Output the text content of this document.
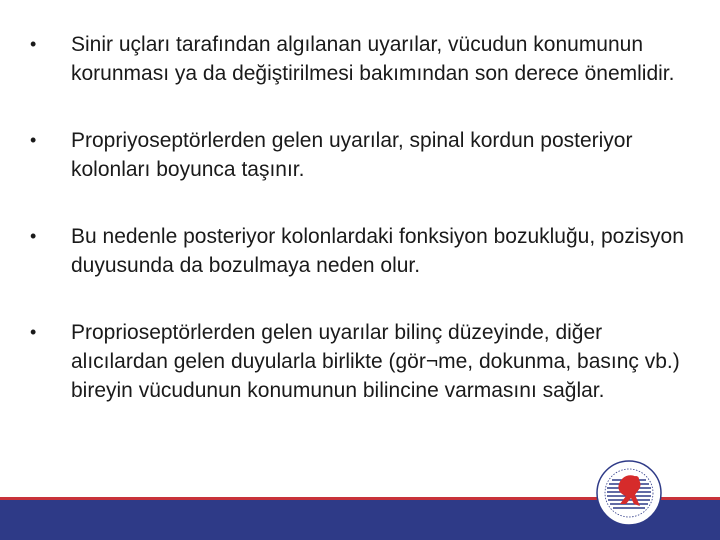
• Sinir uçları tarafından algılanan uyarılar, vücudun konumunun korunması ya da değiştirilmesi bakımından son derece önemlidir.
• Propriyoseptörlerden gelen uyarılar, spinal kordun posteriyor kolonları boyunca taşınır.
• Bu nedenle posteriyor kolonlardaki fonksiyon bozukluğu, pozisyon duyusunda da bozulmaya neden olur.
• Proprioseptörlerden gelen uyarılar bilinç düzeyinde, diğer alıcılardan gelen duyularla birlikte (gör¬me, dokunma, basınç vb.) bireyin vücudunun konumunun bilincine varmasını sağlar.
